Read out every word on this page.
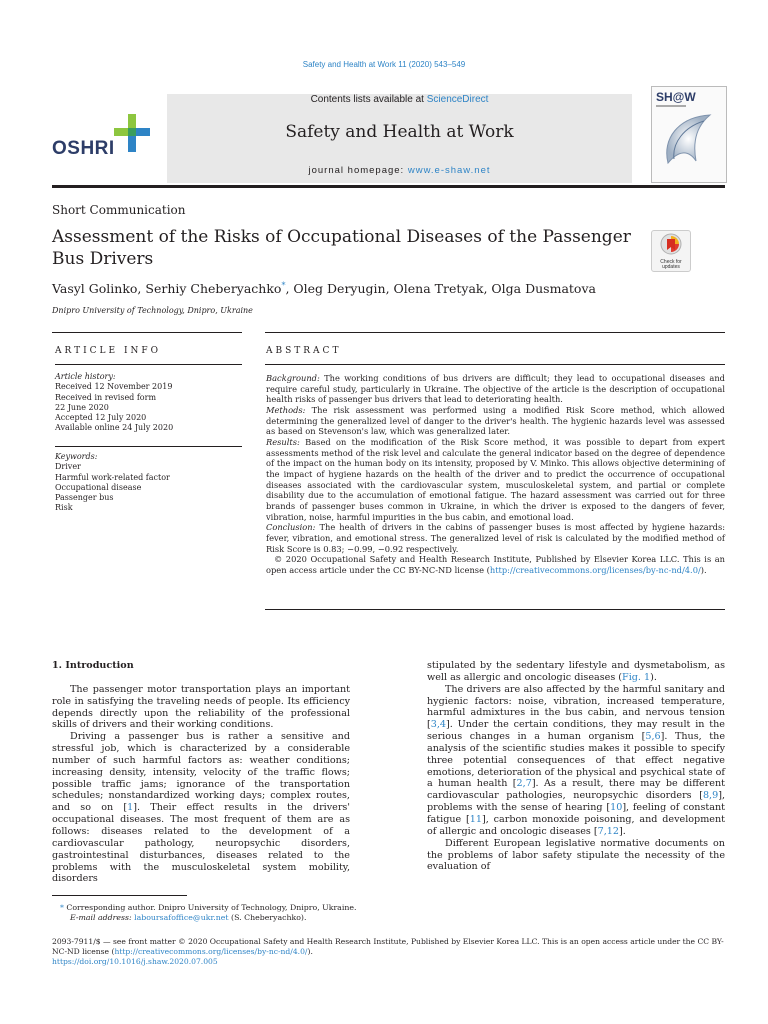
Safety and Health at Work 11 (2020) 543–549
OSHRI
Contents lists available at ScienceDirect
Safety and Health at Work
journal homepage: www.e-shaw.net
SH@W
Short Communication
Assessment of the Risks of Occupational Diseases of the Passenger Bus Drivers	Check for updates
Vasyl Golinko, Serhiy Cheberyachko*, Oleg Deryugin, Olena Tretyak, Olga Dusmatova
Dnipro University of Technology, Dnipro, Ukraine
ARTICLE INFO
Article history:
Received 12 November 2019
Received in revised form
22 June 2020
Accepted 12 July 2020
Available online 24 July 2020
Keywords:
Driver
Harmful work-related factor
Occupational disease
Passenger bus
Risk
ABSTRACT
Background: The working conditions of bus drivers are difficult; they lead to occupational diseases and require careful study, particularly in Ukraine. The objective of the article is the description of occupational health risks of passenger bus drivers that lead to deteriorating health.
Methods: The risk assessment was performed using a modified Risk Score method, which allowed determining the generalized level of danger to the driver's health. The hygienic hazards level was assessed as based on Stevenson's law, which was generalized later.
Results: Based on the modification of the Risk Score method, it was possible to depart from expert assessments method of the risk level and calculate the general indicator based on the degree of dependence of the impact on the human body on its intensity, proposed by V. Minko. This allows objective determining of the impact of hygiene hazards on the health of the driver and to predict the occurrence of occupational diseases associated with the cardiovascular system, musculoskeletal system, and partial or complete disability due to the accumulation of emotional fatigue. The hazard assessment was carried out for three brands of passenger buses common in Ukraine, in which the driver is exposed to the dangers of fever, vibration, noise, harmful impurities in the bus cabin, and emotional load.
Conclusion: The health of drivers in the cabins of passenger buses is most affected by hygiene hazards: fever, vibration, and emotional stress. The generalized level of risk is calculated by the modified method of Risk Score is 0.83; −0.99, −0.92 respectively.
© 2020 Occupational Safety and Health Research Institute, Published by Elsevier Korea LLC. This is an open access article under the CC BY-NC-ND license (http://creativecommons.org/licenses/by-nc-nd/4.0/).
1. Introduction

The passenger motor transportation plays an important role in satisfying the traveling needs of people. Its efficiency depends directly upon the reliability of the professional skills of drivers and their working conditions.

Driving a passenger bus is rather a sensitive and stressful job, which is characterized by a considerable number of such harmful factors as: weather conditions; increasing density, intensity, velocity of the traffic flows; possible traffic jams; ignorance of the transportation schedules; nonstandardized working days; complex routes, and so on [1]. Their effect results in the drivers' occupational diseases. The most frequent of them are as follows: diseases related to the development of a cardiovascular pathology, neuropsychic disorders, gastrointestinal disturbances, diseases related to the problems with the musculoskeletal system mobility, disorders

stipulated by the sedentary lifestyle and dysmetabolism, as well as allergic and oncologic diseases (Fig. 1).

The drivers are also affected by the harmful sanitary and hygienic factors: noise, vibration, increased temperature, harmful admixtures in the bus cabin, and nervous tension [3,4]. Under the certain conditions, they may result in the serious changes in a human organism [5,6]. Thus, the analysis of the scientific studies makes it possible to specify three potential consequences of that effect negative emotions, deterioration of the physical and psychical state of a human health [2,7]. As a result, there may be different cardiovascular pathologies, neuropsychic disorders [8,9], problems with the sense of hearing [10], feeling of constant fatigue [11], carbon monoxide poisoning, and development of allergic and oncologic diseases [7,12].

Different European legislative normative documents on the problems of labor safety stipulate the necessity of the evaluation of

* Corresponding author. Dnipro University of Technology, Dnipro, Ukraine.
E-mail address: laboursafoffice@ukr.net (S. Cheberyachko).
2093-7911/$ — see front matter © 2020 Occupational Safety and Health Research Institute, Published by Elsevier Korea LLC. This is an open access article under the CC BY-NC-ND license (http://creativecommons.org/licenses/by-nc-nd/4.0/).
https://doi.org/10.1016/j.shaw.2020.07.005
